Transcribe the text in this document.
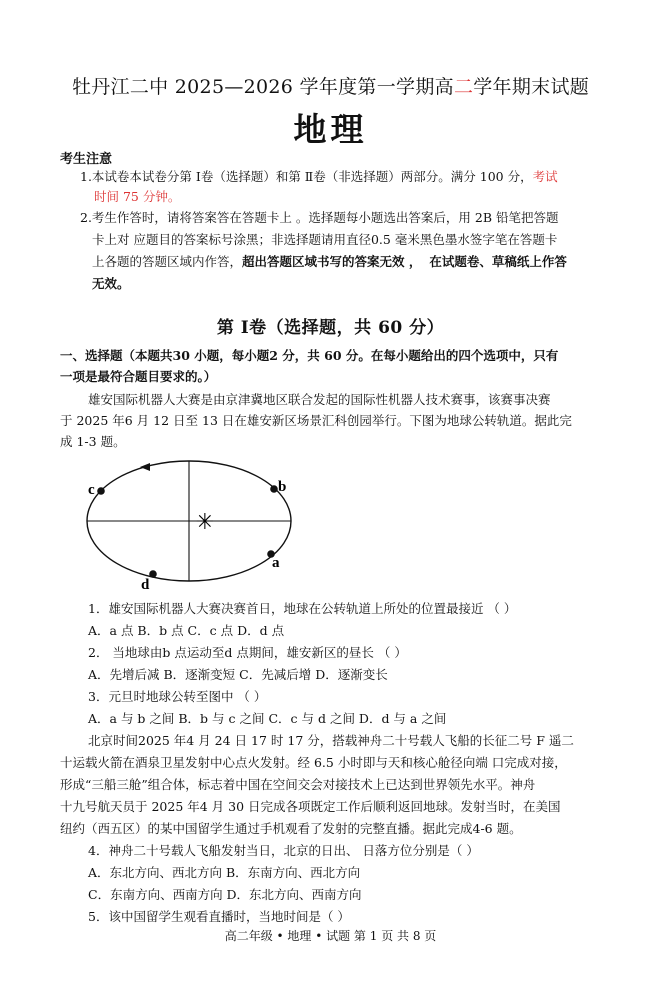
牡丹江二中 2025—2026 学年度第一学期高二学年期末试题
地理
考生注意
1.本试卷本试卷分第 Ⅰ卷（选择题）和第 Ⅱ卷（非选择题）两部分。满分 100 分，考试
时间 75 分钟。
2.考生作答时，请将答案答在答题卡上 。选择题每小题选出答案后，用 2B 铅笔把答题
卡上对 应题目的答案标号涂黑；非选择题请用直径0.5 毫米黑色墨水签字笔在答题卡
上各题的答题区域内作答，超出答题区域书写的答案无效 ， 在试题卷、草稿纸上作答
无效。
第 Ⅰ卷（选择题，共 60 分）
一、选择题（本题共30 小题，每小题2 分，共 60 分。在每小题给出的四个选项中，只有
一项是最符合题目要求的。）
雄安国际机器人大赛是由京津冀地区联合发起的国际性机器人技术赛事，该赛事决赛
于 2025 年6 月 12 日至 13 日在雄安新区场景汇科创园举行。下图为地球公转轨道。据此完
成 1-3 题。
✳
c	b
a
d
1．雄安国际机器人大赛决赛首日，地球在公转轨道上所处的位置最接近 （ ）
A．a 点 B．b 点 C．c 点 D．d 点
2． 当地球由b 点运动至d 点期间，雄安新区的昼长 （ ）
A．先增后减 B．逐渐变短 C．先减后增 D．逐渐变长
3．元旦时地球公转至图中 （ ）
A．a 与 b 之间 B．b 与 c 之间 C．c 与 d 之间 D．d 与 a 之间
北京时间2025 年4 月 24 日 17 时 17 分，搭载神舟二十号载人飞船的长征二号 F 遥二
十运载火箭在酒泉卫星发射中心点火发射。经 6.5 小时即与天和核心舱径向端 口完成对接，
形成“三船三舱”组合体，标志着中国在空间交会对接技术上已达到世界领先水平。神舟
十九号航天员于 2025 年4 月 30 日完成各项既定工作后顺利返回地球。发射当时，在美国
纽约（西五区）的某中国留学生通过手机观看了发射的完整直播。据此完成4-6 题。
4．神舟二十号载人飞船发射当日，北京的日出、 日落方位分别是（ ）
A．东北方向、西北方向 B．东南方向、西北方向
C．东南方向、西南方向 D．东北方向、西南方向
5．该中国留学生观看直播时，当地时间是（ ）
高二年级 • 地理 • 试题 第 1 页 共 8 页
